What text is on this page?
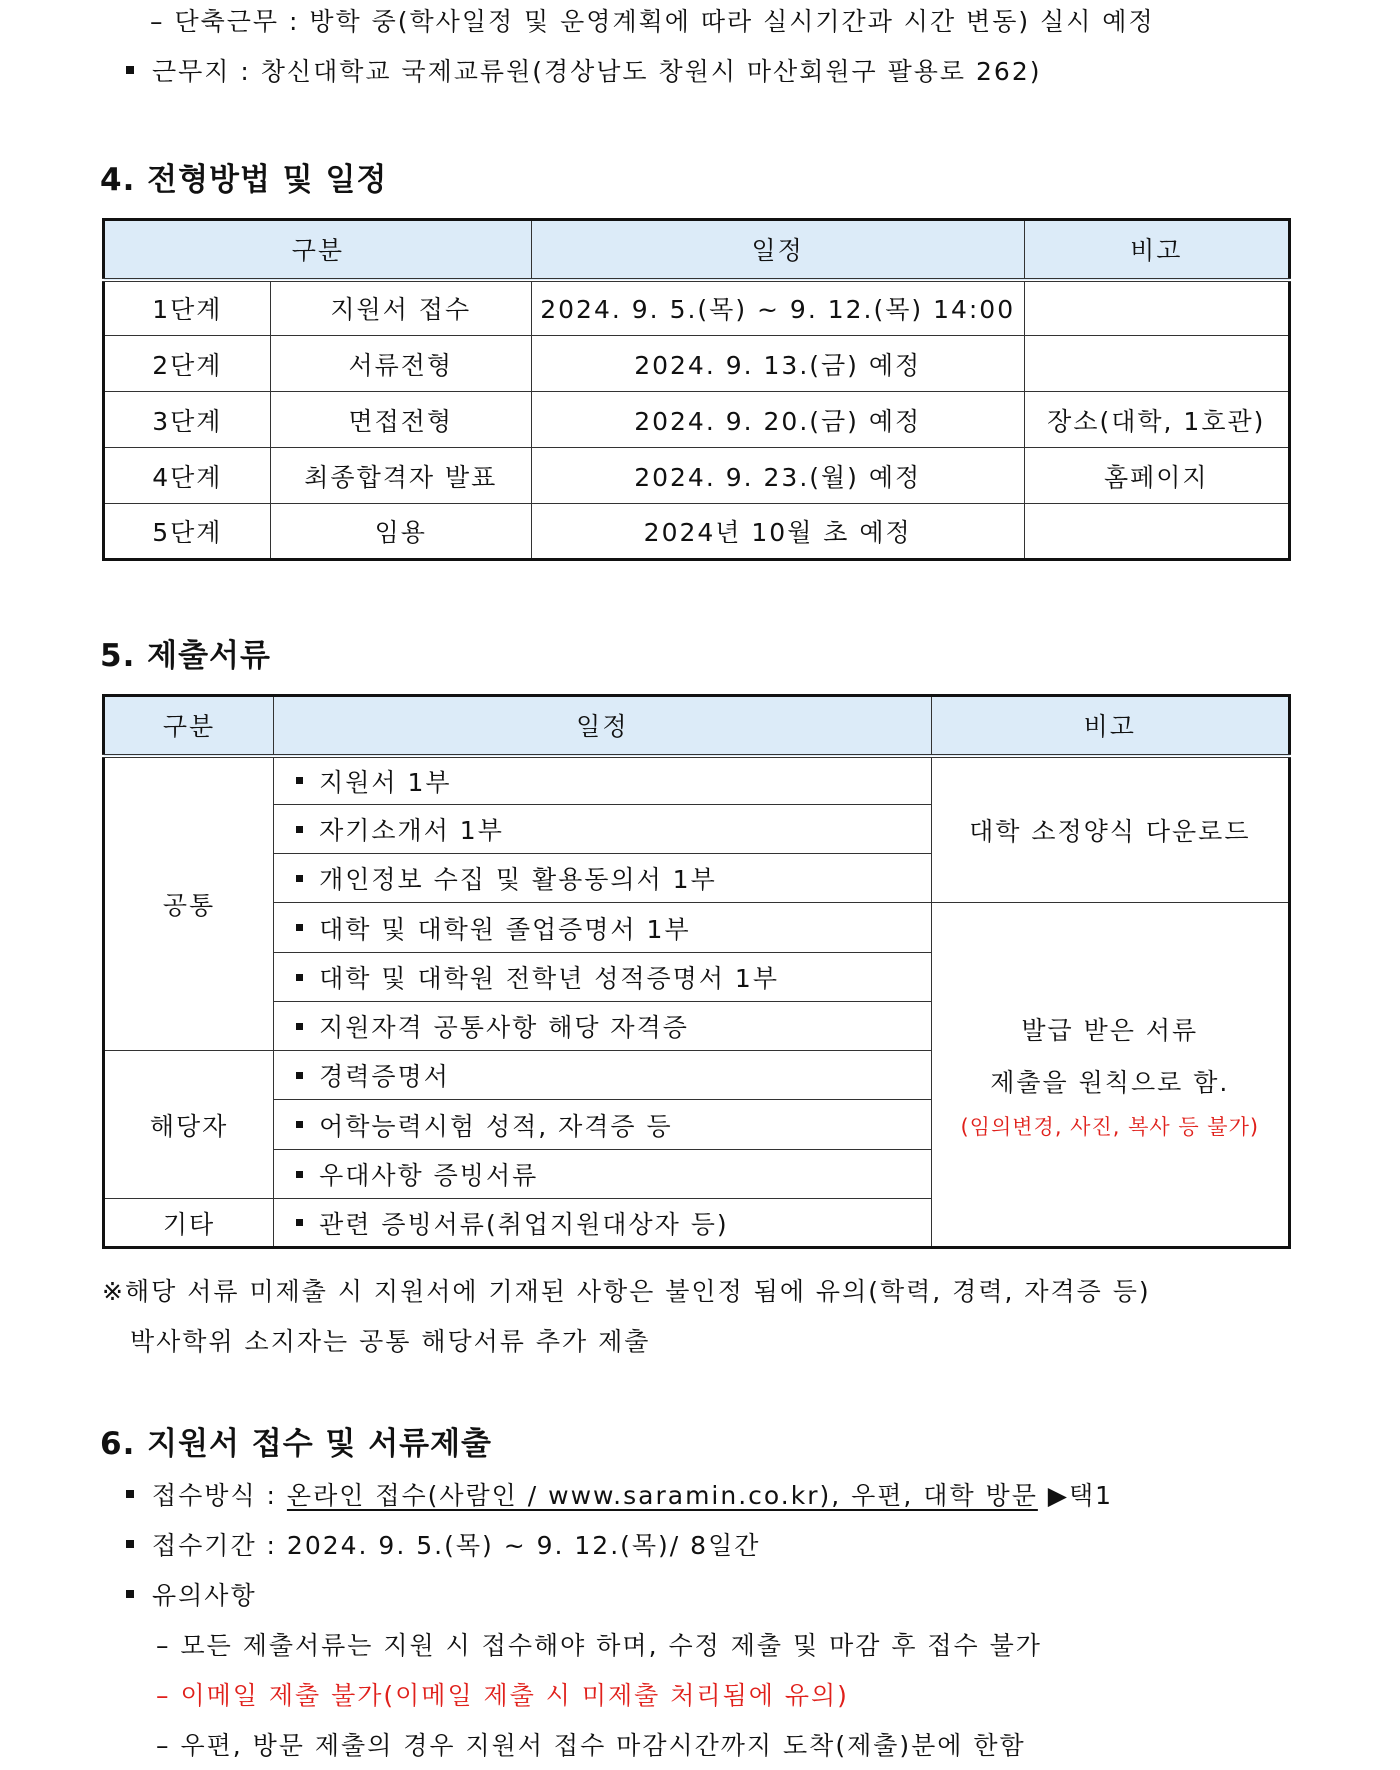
– 단축근무 : 방학 중(학사일정 및 운영계획에 따라 실시기간과 시간 변동) 실시 예정
근무지 : 창신대학교 국제교류원(경상남도 창원시 마산회원구 팔용로 262)
4. 전형방법 및 일정
구분		일정	비고
1단계	지원서 접수	2024. 9. 5.(목) ~ 9. 12.(목) 14:00	
2단계	서류전형	2024. 9. 13.(금) 예정	
3단계	면접전형	2024. 9. 20.(금) 예정	장소(대학, 1호관)
4단계	최종합격자 발표	2024. 9. 23.(월) 예정	홈페이지
5단계	임용	2024년 10월 초 예정	
5. 제출서류
구분	일정	비고
공통	지원서 1부	대학 소정양식 다운로드
	자기소개서 1부	
	개인정보 수집 및 활용동의서 1부	
	대학 및 대학원 졸업증명서 1부	발급 받은 서류
제출을 원칙으로 함.
(임의변경, 사진, 복사 등 불가)

	대학 및 대학원 전학년 성적증명서 1부	
	지원자격 공통사항 해당 자격증	
해당자	경력증명서	
	어학능력시험 성적, 자격증 등	
	우대사항 증빙서류	
기타	관련 증빙서류(취업지원대상자 등)	
※해당 서류 미제출 시 지원서에 기재된 사항은 불인정 됨에 유의(학력, 경력, 자격증 등)
박사학위 소지자는 공통 해당서류 추가 제출
6. 지원서 접수 및 서류제출
접수방식 : 온라인 접수(사람인 / www.saramin.co.kr), 우편, 대학 방문 ▶택1
접수기간 : 2024. 9. 5.(목) ~ 9. 12.(목)/ 8일간
유의사항
– 모든 제출서류는 지원 시 접수해야 하며, 수정 제출 및 마감 후 접수 불가
– 이메일 제출 불가(이메일 제출 시 미제출 처리됨에 유의)
– 우편, 방문 제출의 경우 지원서 접수 마감시간까지 도착(제출)분에 한함
